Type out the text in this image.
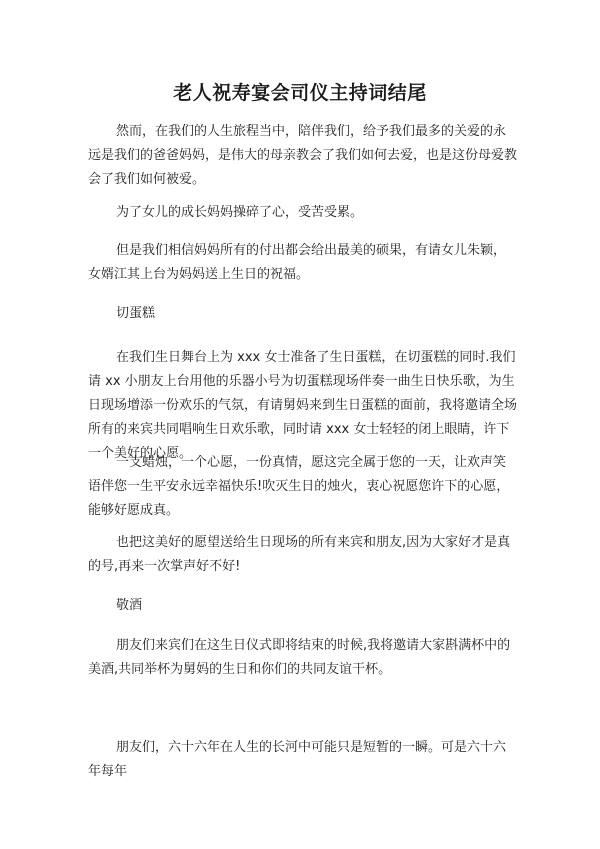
老人祝寿宴会司仪主持词结尾

然而，在我们的人生旅程当中，陪伴我们，给予我们最多的关爱的永远是我们的爸爸妈妈，是伟大的母亲教会了我们如何去爱，也是这份母爱教会了我们如何被爱。

为了女儿的成长妈妈操碎了心，受苦受累。

但是我们相信妈妈所有的付出都会给出最美的硕果，有请女儿朱颖，女婿江其上台为妈妈送上生日的祝福。

切蛋糕

在我们生日舞台上为 xxx 女士准备了生日蛋糕，在切蛋糕的同时.我们请 xx 小朋友上台用他的乐器小号为切蛋糕现场伴奏一曲生日快乐歌，为生日现场增添一份欢乐的气氛，有请舅妈来到生日蛋糕的面前，我将邀请全场所有的来宾共同唱响生日欢乐歌，同时请 xxx 女士轻轻的闭上眼睛，许下一个美好的心愿。

一支蜡烛，一个心愿，一份真情，愿这完全属于您的一天，让欢声笑语伴您一生平安永远幸福快乐!吹灭生日的烛火，衷心祝愿您许下的心愿，能够好愿成真。

也把这美好的愿望送给生日现场的所有来宾和朋友,因为大家好才是真的号,再来一次掌声好不好!

敬酒

朋友们来宾们在这生日仪式即将结束的时候,我将邀请大家斟满杯中的美酒,共同举杯为舅妈的生日和你们的共同友谊干杯。

朋友们，六十六年在人生的长河中可能只是短暂的一瞬。可是六十六年每年
